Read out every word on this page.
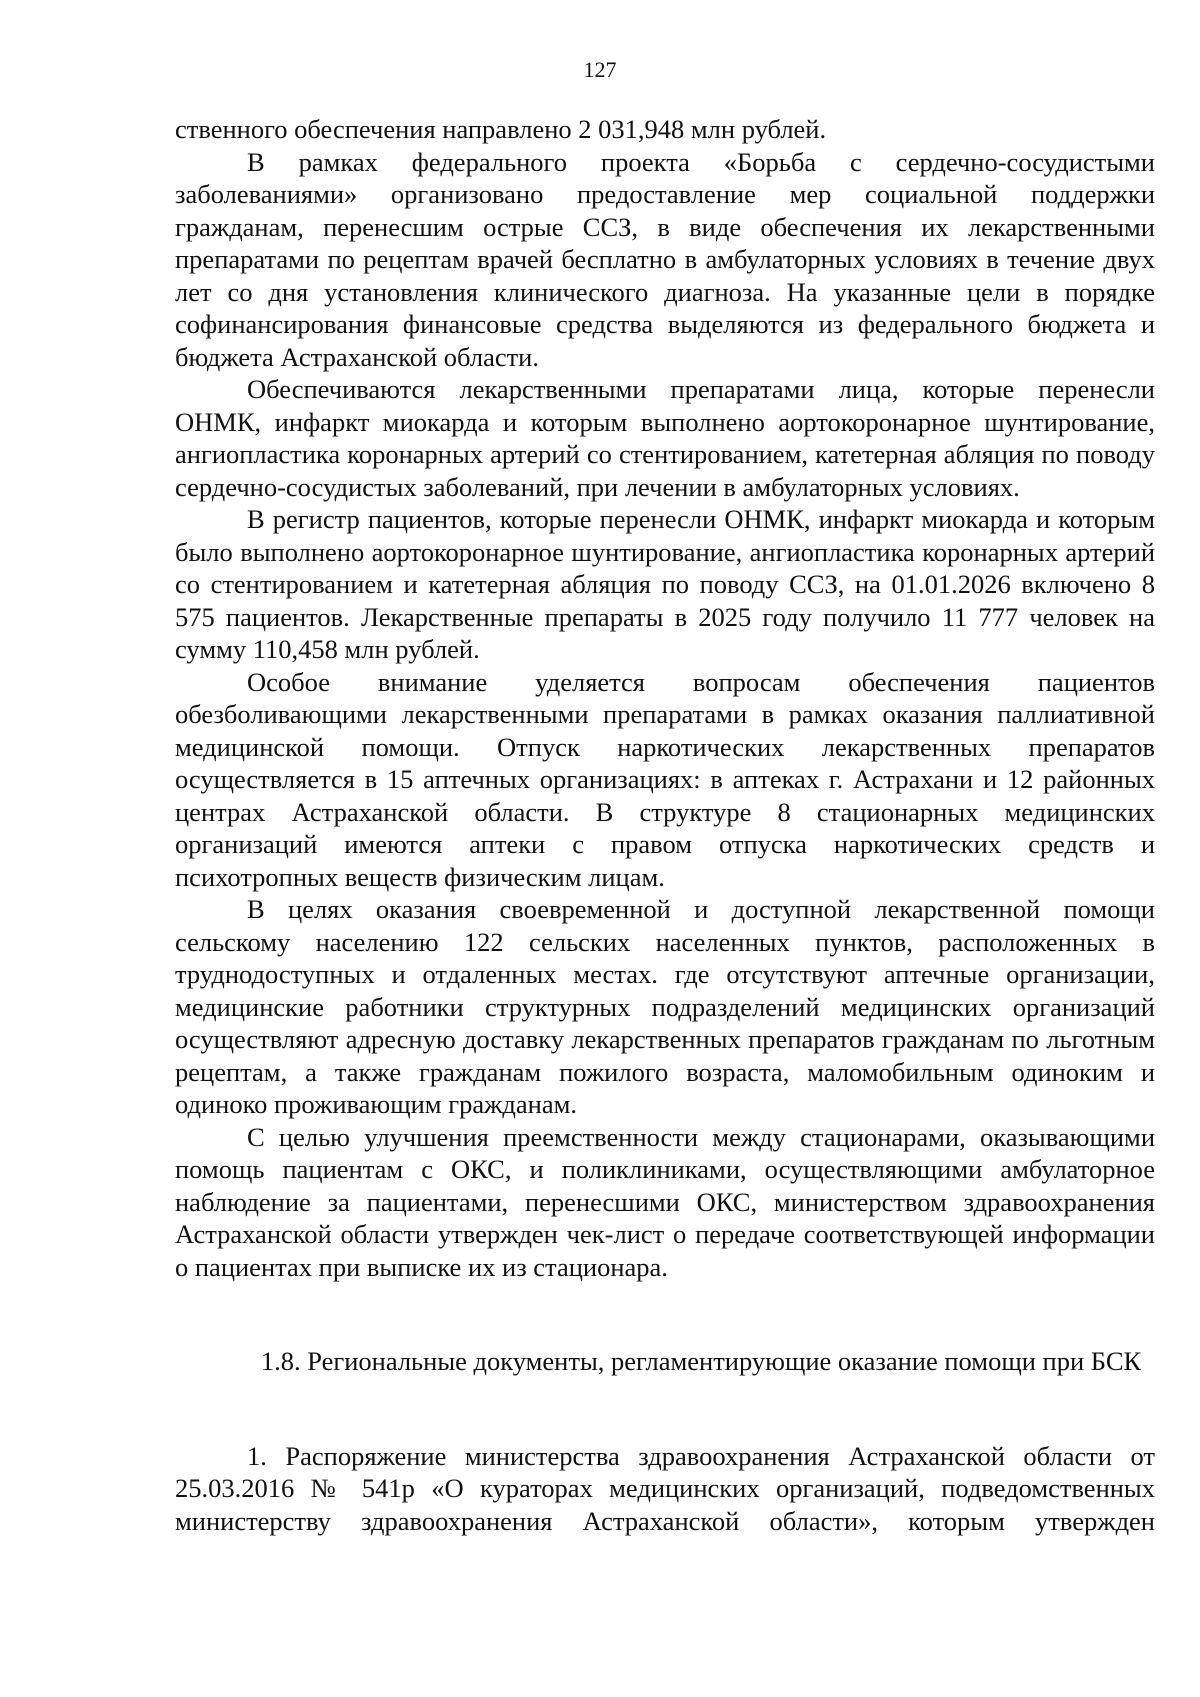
127

ственного обеспечения направлено 2 031,948 млн рублей.

В рамках федерального проекта «Борьба с сердечно-сосудистыми заболеваниями» организовано предоставление мер социальной поддержки гражданам, перенесшим острые ССЗ, в виде обеспечения их лекарственными препаратами по рецептам врачей бесплатно в амбулаторных условиях в течение двух лет со дня установления клинического диагноза. На указанные цели в порядке софинансирования финансовые средства выделяются из федерального бюджета и бюджета Астраханской области.

Обеспечиваются лекарственными препаратами лица, которые перенесли ОНМК, инфаркт миокарда и которым выполнено аортокоронарное шунтирование, ангиопластика коронарных артерий со стентированием, катетерная абляция по поводу сердечно-сосудистых заболеваний, при лечении в амбулаторных условиях.

В регистр пациентов, которые перенесли ОНМК, инфаркт миокарда и которым было выполнено аортокоронарное шунтирование, ангиопластика коронарных артерий со стентированием и катетерная абляция по поводу ССЗ, на 01.01.2026 включено 8 575 пациентов. Лекарственные препараты в 2025 году получило 11 777 человек на сумму 110,458 млн рублей.

Особое внимание уделяется вопросам обеспечения пациентов обезболивающими лекарственными препаратами в рамках оказания паллиативной медицинской помощи. Отпуск наркотических лекарственных препаратов осуществляется в 15 аптечных организациях: в аптеках г. Астрахани и 12 районных центрах Астраханской области. В структуре 8 стационарных медицинских организаций имеются аптеки с правом отпуска наркотических средств и психотропных веществ физическим лицам.

В целях оказания своевременной и доступной лекарственной помощи сельскому населению 122 сельских населенных пунктов, расположенных в труднодоступных и отдаленных местах. где отсутствуют аптечные организации, медицинские работники структурных подразделений медицинских организаций осуществляют адресную доставку лекарственных препаратов гражданам по льготным рецептам, а также гражданам пожилого возраста, маломобильным одиноким и одиноко проживающим гражданам.

С целью улучшения преемственности между стационарами, оказывающими помощь пациентам с ОКС, и поликлиниками, осуществляющими амбулаторное наблюдение за пациентами, перенесшими ОКС, министерством здравоохранения Астраханской области утвержден чек-лист о передаче соответствующей информации о пациентах при выписке их из стационара.

1.8. Региональные документы, регламентирующие оказание помощи при БСК

1. Распоряжение министерства здравоохранения Астраханской области от 25.03.2016 № 541р «О кураторах медицинских организаций, подведомственных министерству здравоохранения Астраханской области», которым утвержден
